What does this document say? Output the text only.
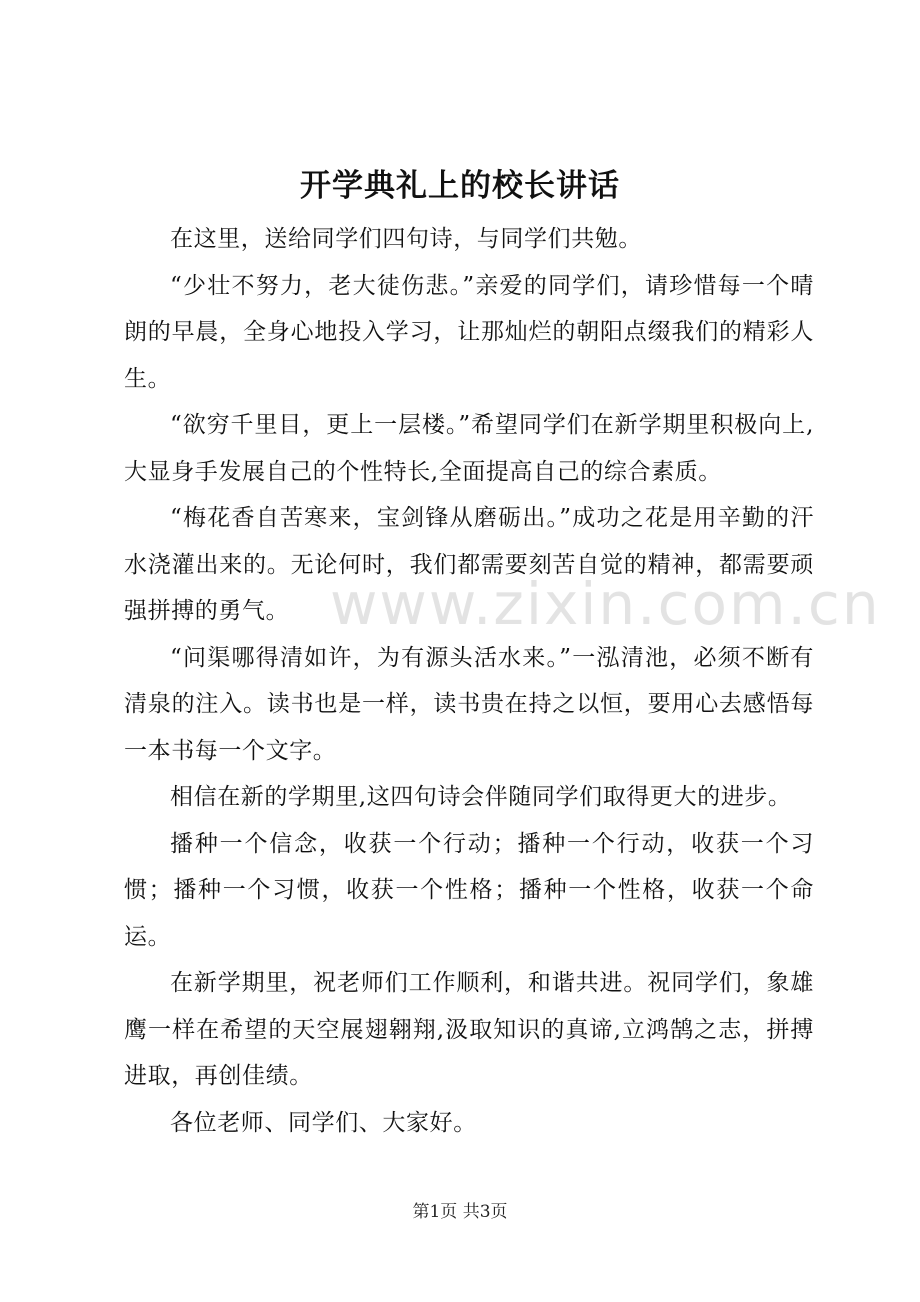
开学典礼上的校长讲话

在这里，送给同学们四句诗，与同学们共勉。

“少壮不努力，老大徒伤悲。”亲爱的同学们，请珍惜每一个晴朗的早晨，全身心地投入学习，让那灿烂的朝阳点缀我们的精彩人生。

“欲穷千里目，更上一层楼。”希望同学们在新学期里积极向上,大显身手发展自己的个性特长,全面提高自己的综合素质。

“梅花香自苦寒来，宝剑锋从磨砺出。”成功之花是用辛勤的汗水浇灌出来的。无论何时，我们都需要刻苦自觉的精神，都需要顽强拼搏的勇气。

“问渠哪得清如许，为有源头活水来。”一泓清池，必须不断有清泉的注入。读书也是一样，读书贵在持之以恒，要用心去感悟每一本书每一个文字。

相信在新的学期里,这四句诗会伴随同学们取得更大的进步。

播种一个信念，收获一个行动；播种一个行动，收获一个习惯；播种一个习惯，收获一个性格；播种一个性格，收获一个命运。

在新学期里，祝老师们工作顺利，和谐共进。祝同学们，象雄鹰一样在希望的天空展翅翱翔,汲取知识的真谛,立鸿鹄之志，拼搏进取，再创佳绩。

各位老师、同学们、大家好。

www.zixin.com.cn
第1页 共3页
